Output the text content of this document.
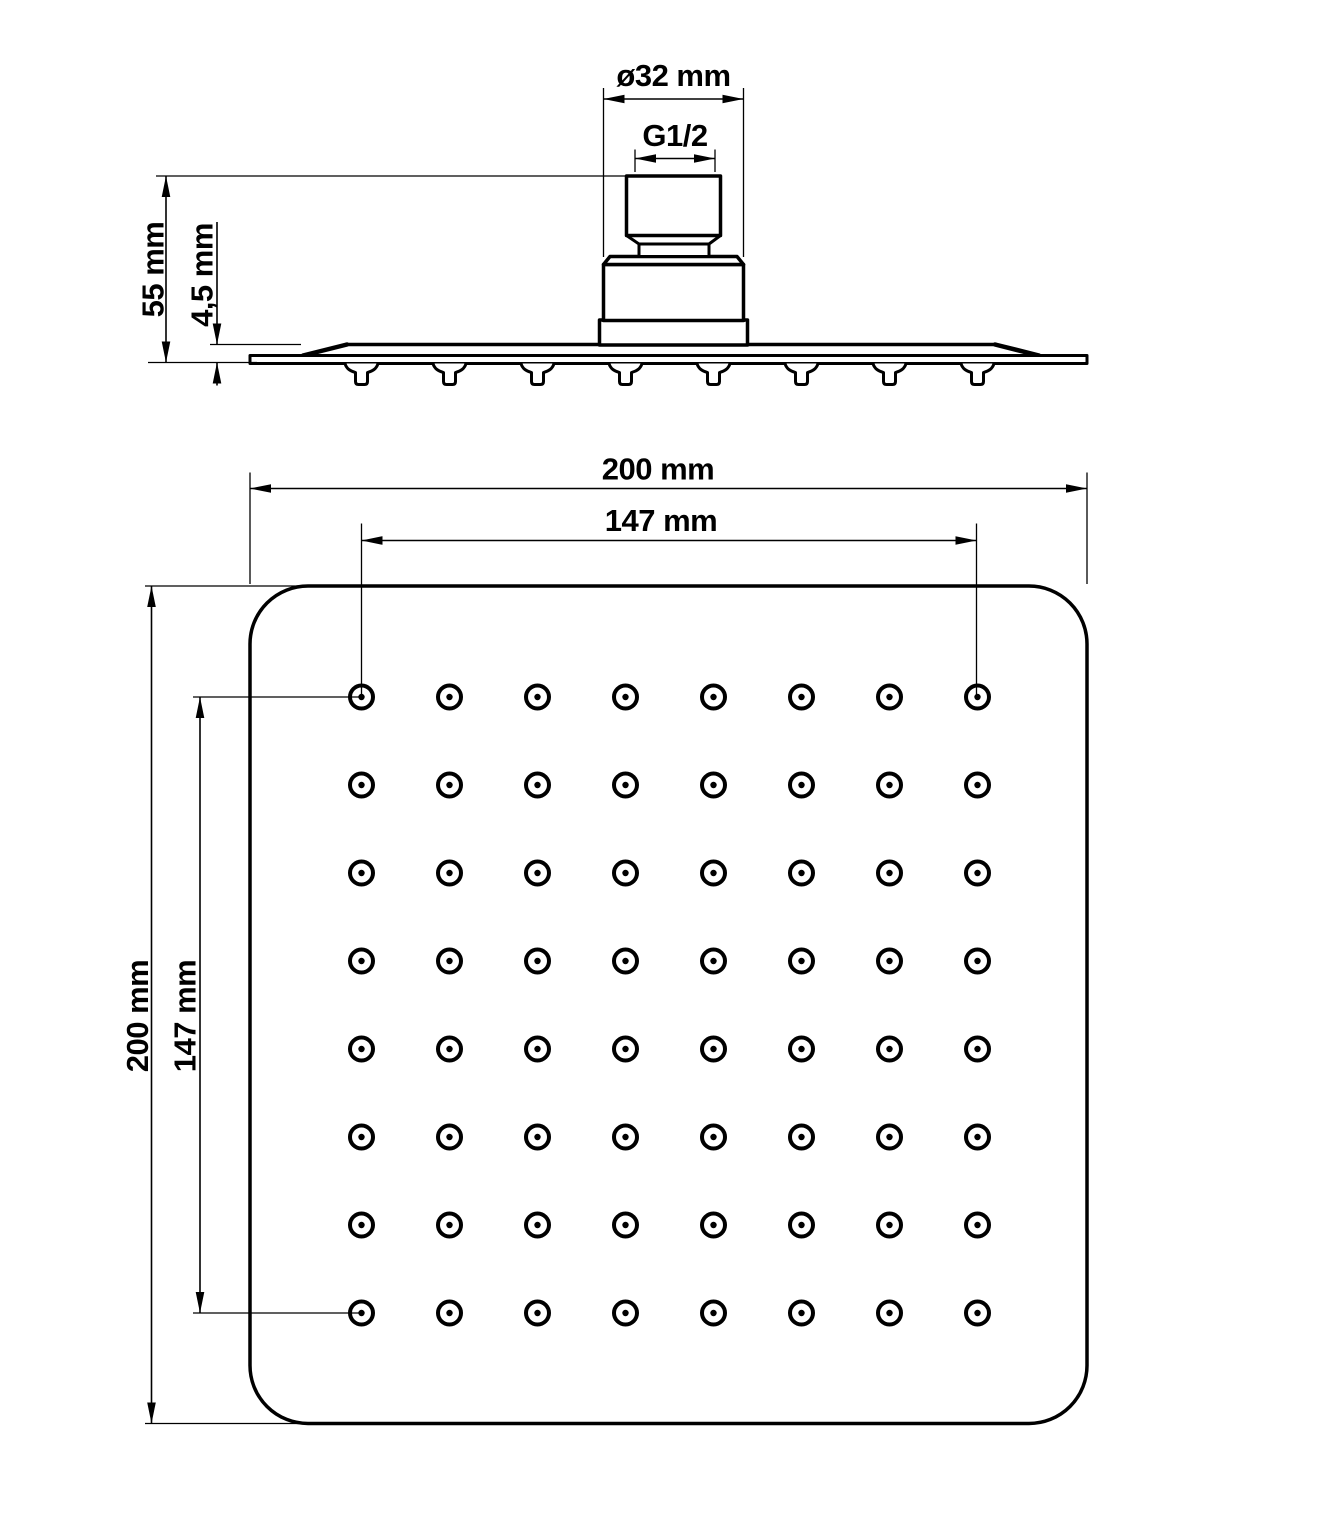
ø32 mm
G1/2
55 mm 4,5 mm
200 mm
147 mm
200 mm 147 mm
